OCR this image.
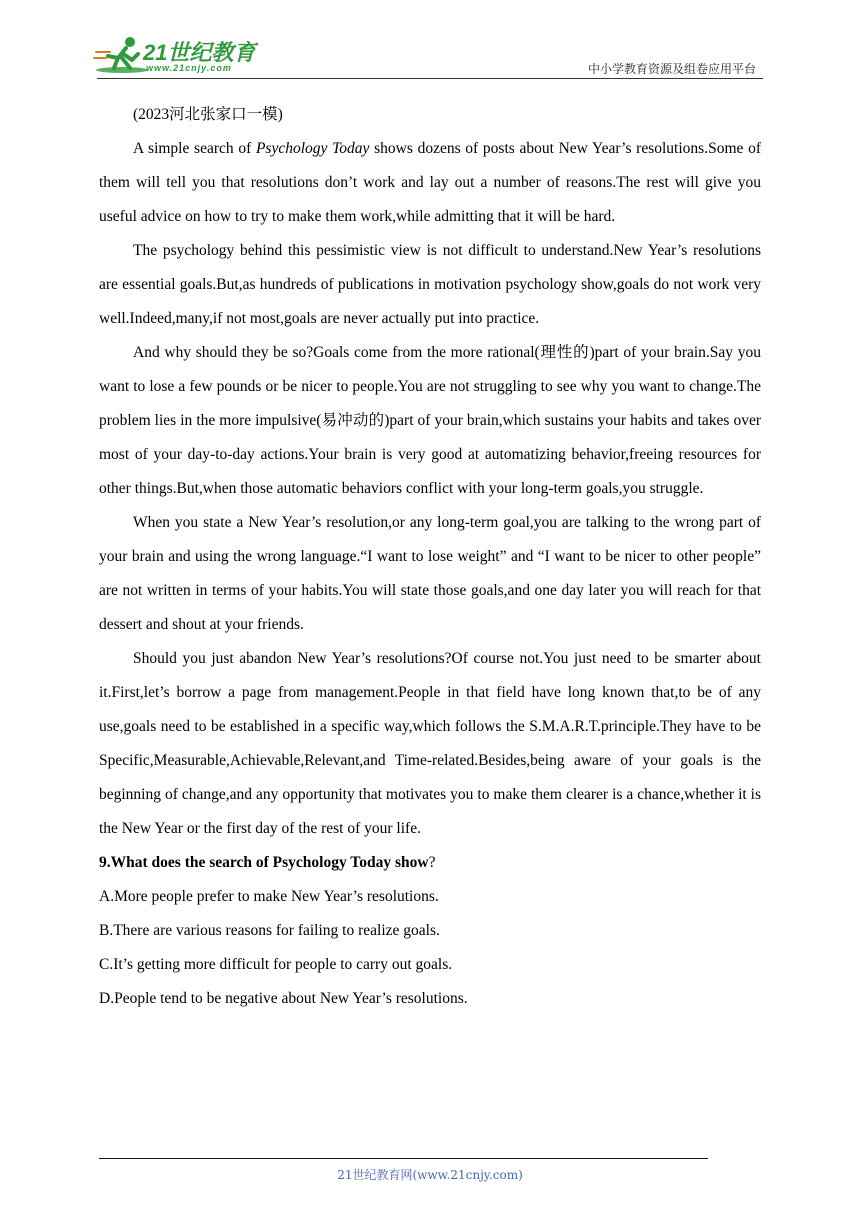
21世纪教育
www.21cnjy.com	中小学教育资源及组卷应用平台

(2023河北张家口一模)

A simple search of Psychology Today shows dozens of posts about New Year’s resolutions.Some of them will tell you that resolutions don’t work and lay out a number of reasons.The rest will give you useful advice on how to try to make them work,while admitting that it will be hard.

The psychology behind this pessimistic view is not difficult to understand.New Year’s resolutions are essential goals.But,as hundreds of publications in motivation psychology show,goals do not work very well.Indeed,many,if not most,goals are never actually put into practice.

And why should they be so?Goals come from the more rational(理性的)part of your brain.Say you want to lose a few pounds or be nicer to people.You are not struggling to see why you want to change.The problem lies in the more impulsive(易冲动的)part of your brain,which sustains your habits and takes over most of your day-to-day actions.Your brain is very good at automatizing behavior,freeing resources for other things.But,when those automatic behaviors conflict with your long-term goals,you struggle.

When you state a New Year’s resolution,or any long-term goal,you are talking to the wrong part of your brain and using the wrong language.“I want to lose weight” and “I want to be nicer to other people” are not written in terms of your habits.You will state those goals,and one day later you will reach for that dessert and shout at your friends.

Should you just abandon New Year’s resolutions?Of course not.You just need to be smarter about it.First,let’s borrow a page from management.People in that field have long known that,to be of any use,goals need to be established in a specific way,which follows the S.M.A.R.T.principle.They have to be Specific,Measurable,Achievable,Relevant,and Time-related.Besides,being aware of your goals is the beginning of change,and any opportunity that motivates you to make them clearer is a chance,whether it is the New Year or the first day of the rest of your life.

9.What does the search of Psychology Today show?

A.More people prefer to make New Year’s resolutions.

B.There are various reasons for failing to realize goals.

C.It’s getting more difficult for people to carry out goals.

D.People tend to be negative about New Year’s resolutions.

21世纪教育网(www.21cnjy.com)
